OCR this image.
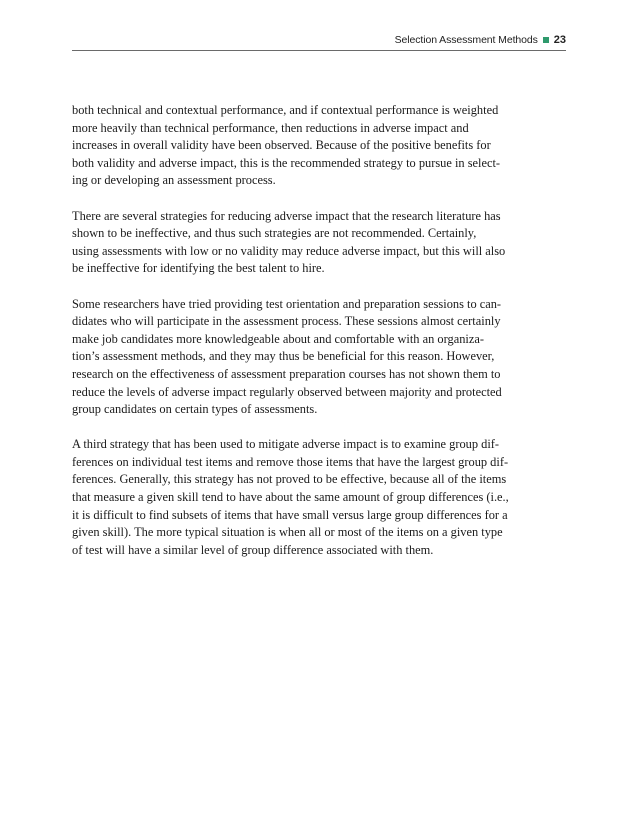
Selection Assessment Methods 23
both technical and contextual performance, and if contextual performance is weighted
more heavily than technical performance, then reductions in adverse impact and
increases in overall validity have been observed. Because of the positive benefits for
both validity and adverse impact, this is the recommended strategy to pursue in select-
ing or developing an assessment process.
There are several strategies for reducing adverse impact that the research literature has
shown to be ineffective, and thus such strategies are not recommended. Certainly,
using assessments with low or no validity may reduce adverse impact, but this will also
be ineffective for identifying the best talent to hire.
Some researchers have tried providing test orientation and preparation sessions to can-
didates who will participate in the assessment process. These sessions almost certainly
make job candidates more knowledgeable about and comfortable with an organiza-
tion’s assessment methods, and they may thus be beneficial for this reason. However,
research on the effectiveness of assessment preparation courses has not shown them to
reduce the levels of adverse impact regularly observed between majority and protected
group candidates on certain types of assessments.
A third strategy that has been used to mitigate adverse impact is to examine group dif-
ferences on individual test items and remove those items that have the largest group dif-
ferences. Generally, this strategy has not proved to be effective, because all of the items
that measure a given skill tend to have about the same amount of group differences (i.e.,
it is difficult to find subsets of items that have small versus large group differences for a
given skill). The more typical situation is when all or most of the items on a given type
of test will have a similar level of group difference associated with them.
